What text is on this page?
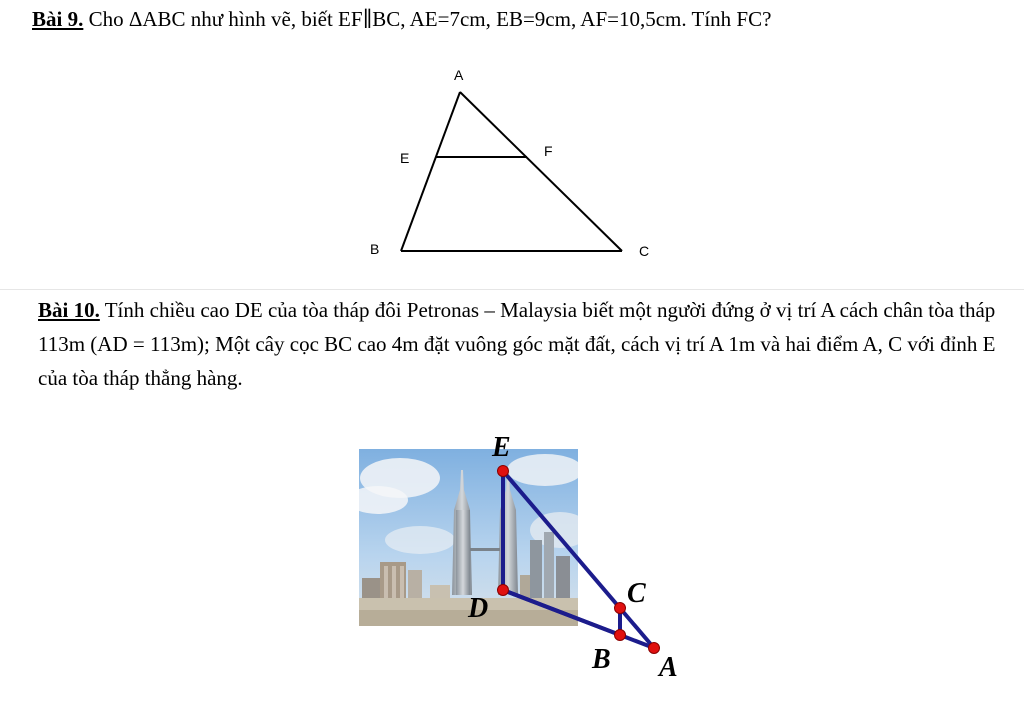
Bài 9. Cho ΔABC như hình vẽ, biết EF∥BC, AE=7cm, EB=9cm, AF=10,5cm. Tính FC?
A
E	F
B	C
Bài 10. Tính chiều cao DE của tòa tháp đôi Petronas – Malaysia biết một người đứng ở vị trí A cách chân tòa tháp 113m (AD = 113m); Một cây cọc BC cao 4m đặt vuông góc mặt đất, cách vị trí A 1m và hai điểm A, C với đỉnh E của tòa tháp thẳng hàng.
E
D	C
B A
